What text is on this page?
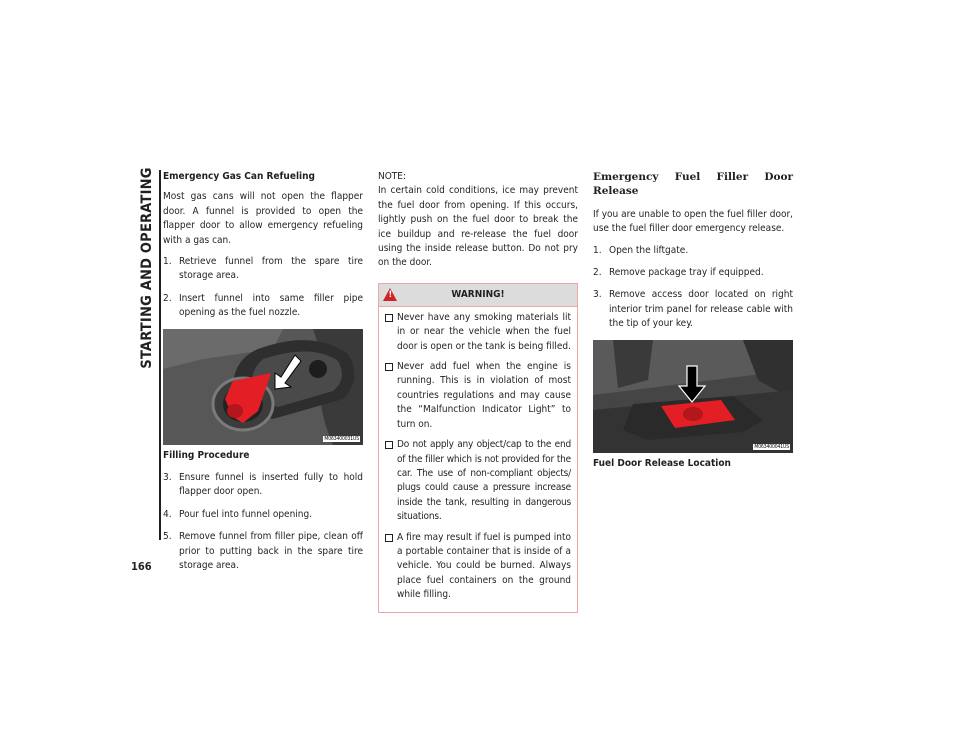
STARTING AND OPERATING
166

Emergency Gas Can Refueling

Most gas cans will not open the flapper door. A funnel is provided to open the flapper door to allow emergency refueling with a gas can.

1. Retrieve funnel from the spare tire storage area.
2. Insert funnel into same filler pipe opening as the fuel nozzle.
M063400031US

Filling Procedure

3. Ensure funnel is inserted fully to hold flapper door open.
4. Pour fuel into funnel opening.
5. Remove funnel from filler pipe, clean off prior to putting back in the spare tire storage area.

NOTE:

In certain cold conditions, ice may prevent the fuel door from opening. If this occurs, lightly push on the fuel door to break the ice buildup and re-release the fuel door using the inside release button. Do not pry on the door.

!
WARNING!
Never have any smoking materials lit in or near the vehicle when the fuel door is open or the tank is being filled.
Never add fuel when the engine is running. This is in violation of most countries regulations and may cause the “Malfunction Indicator Light” to turn on.
Do not apply any object/cap to the end of the filler which is not provided for the car. The use of non-compliant objects/ plugs could cause a pressure increase inside the tank, resulting in dangerous situations.
A fire may result if fuel is pumped into a portable container that is inside of a vehicle. You could be burned. Always place fuel containers on the ground while filling.

Emergency Fuel Filler Door Release

If you are unable to open the fuel filler door, use the fuel filler door emergency release.

1. Open the liftgate.
2. Remove package tray if equipped.
3. Remove access door located on right interior trim panel for release cable with the tip of your key.
M063400041US

Fuel Door Release Location
